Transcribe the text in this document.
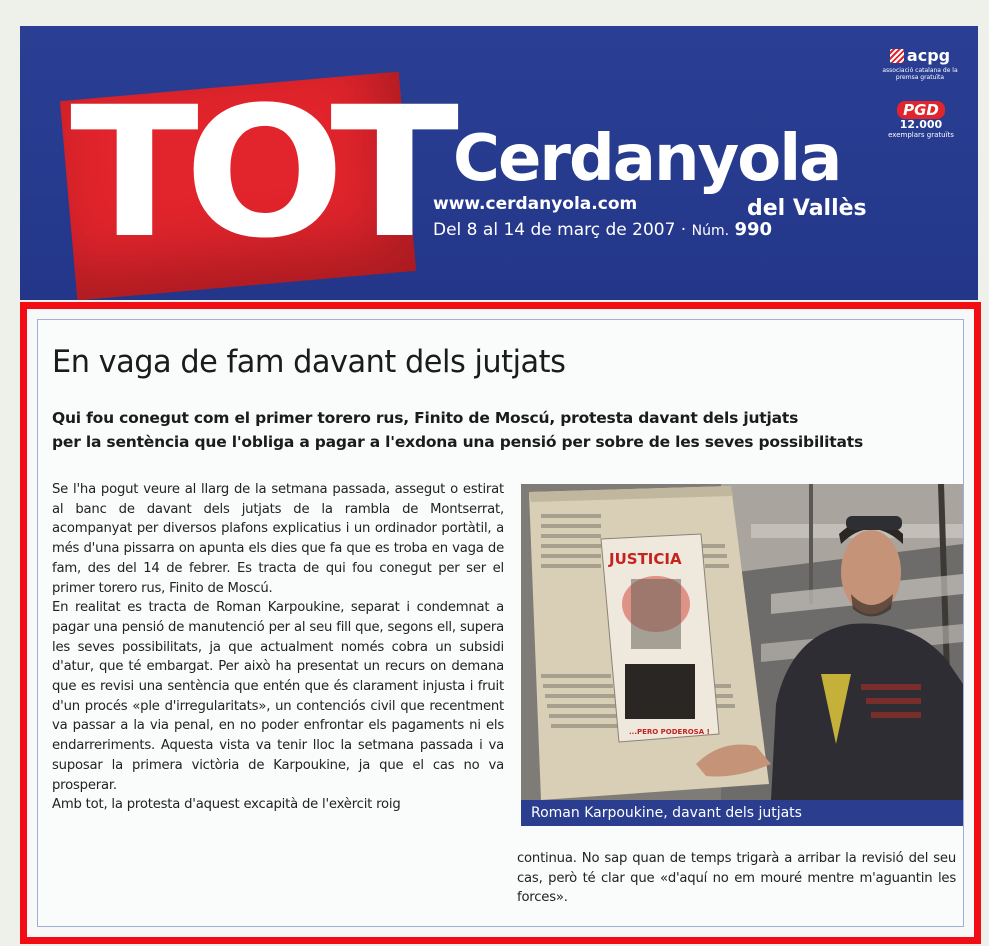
TOT Cerdanyola
del Vallès
www.cerdanyola.com
Del 8 al 14 de març de 2007 · Núm. 990
acpg
associació catalana de la premsa gratuïta
PGD
12.000
exemplars gratuïts
En vaga de fam davant dels jutjats
Qui fou conegut com el primer torero rus, Finito de Moscú, protesta davant dels jutjats
per la sentència que l'obliga a pagar a l'exdona una pensió per sobre de les seves possibilitats

Se l'ha pogut veure al llarg de la setmana passada, assegut o estirat al banc de davant dels jutjats de la rambla de Montserrat, acompanyat per diversos plafons explicatius i un ordinador portàtil, a més d'una pissarra on apunta els dies que fa que es troba en vaga de fam, des del 14 de febrer. Es tracta de qui fou conegut per ser el primer torero rus, Finito de Moscú.

En realitat es tracta de Roman Karpoukine, separat i condemnat a pagar una pensió de manutenció per al seu fill que, segons ell, supera les seves possibilitats, ja que actualment només cobra un subsidi d'atur, que té embargat. Per això ha presentat un recurs on demana que es revisi una sentència que entén que és clarament injusta i fruit d'un procés «ple d'irregularitats», un contenciós civil que recentment va passar a la via penal, en no poder enfrontar els pagaments ni els endarreriments. Aquesta vista va tenir lloc la setmana passada i va suposar la primera victòria de Karpoukine, ja que el cas no va prosperar.

Amb tot, la protesta d'aquest excapità de l'exèrcit roig

JUSTICIA
...PERO PODEROSA !
Roman Karpoukine, davant dels jutjats

continua. No sap quan de temps trigarà a arribar la revisió del seu cas, però té clar que «d'aquí no em mouré mentre m'aguantin les forces».
